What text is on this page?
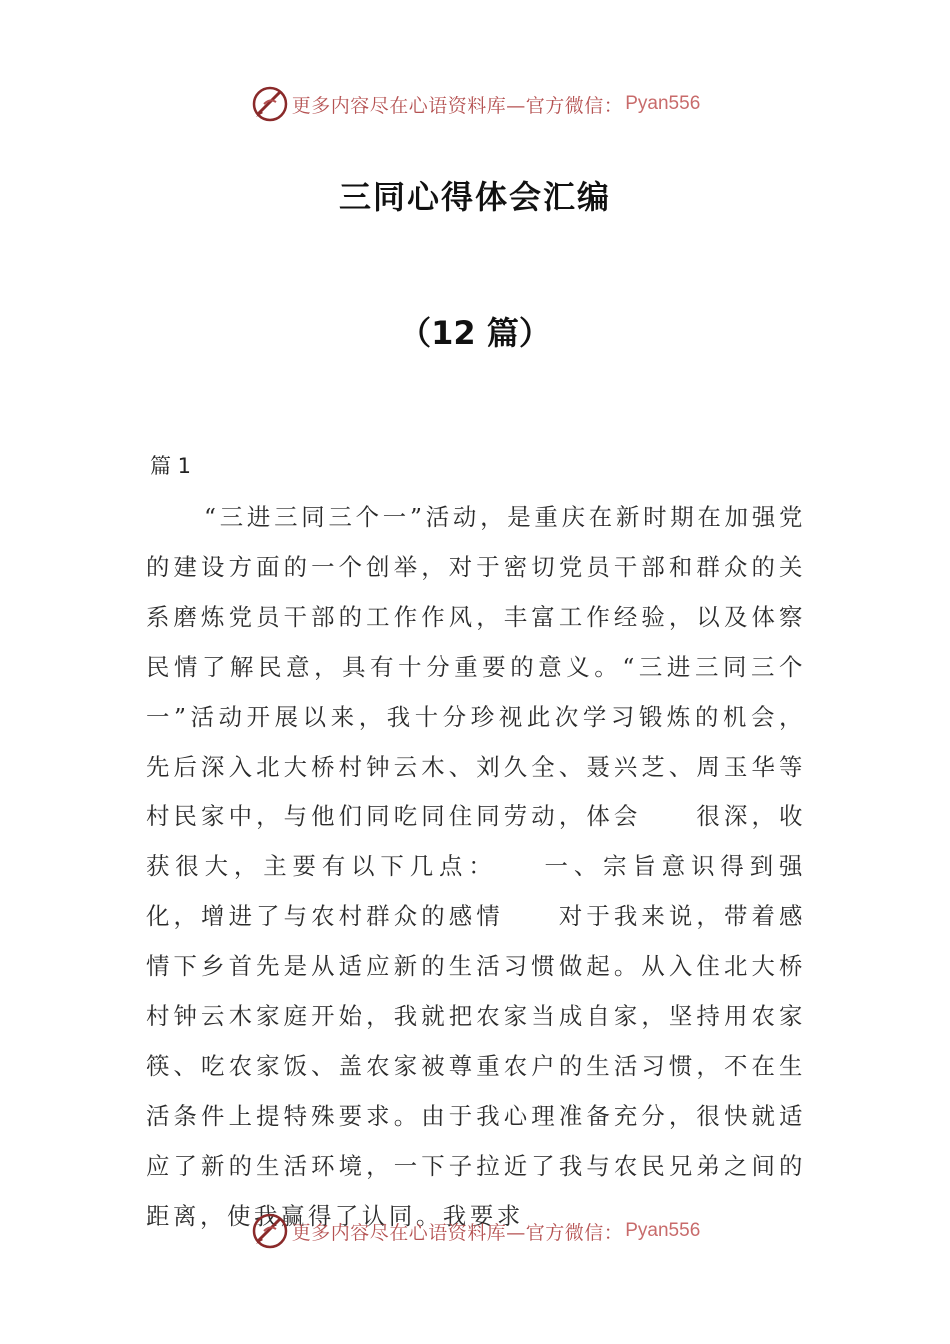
更多内容尽在心语资料库—官方微信： Pyan556
三同心得体会汇编
（12 篇）
篇 1

“三进三同三个一”活动，是重庆在新时期在加强党的建设方面的一个创举，对于密切党员干部和群众的关系磨炼党员干部的工作作风，丰富工作经验，以及体察民情了解民意，具有十分重要的意义。“三进三同三个一”活动开展以来，我十分珍视此次学习锻炼的机会，先后深入北大桥村钟云木、刘久全、聂兴芝、周玉华等村民家中，与他们同吃同住同劳动，体会　　很深，收获很大，主要有以下几点：　　一、宗旨意识得到强化，增进了与农村群众的感情　　对于我来说，带着感情下乡首先是从适应新的生活习惯做起。从入住北大桥村钟云木家庭开始，我就把农家当成自家，坚持用农家筷、吃农家饭、盖农家被尊重农户的生活习惯，不在生活条件上提特殊要求。由于我心理准备充分，很快就适应了新的生活环境，一下子拉近了我与农民兄弟之间的距离，使我赢得了认同。我要求

更多内容尽在心语资料库—官方微信： Pyan556
